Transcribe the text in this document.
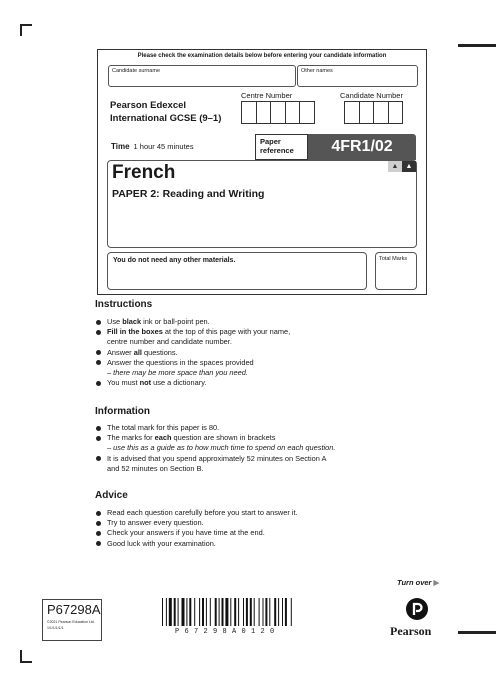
Please check the examination details below before entering your candidate information
Candidate surname	Other names
Pearson Edexcel
International GCSE (9–1)
Centre Number	Candidate Number
Time 1 hour 45 minutes
Paper
reference	4FR1/02
French
PAPER 2: Reading and Writing
▲	▲
You do not need any other materials.	Total Marks
Instructions
Use black ink or ball-point pen.
Fill in the boxes at the top of this page with your name,
centre number and candidate number.
Answer all questions.
Answer the questions in the spaces provided
– there may be more space than you need.
You must not use a dictionary.
Information
The total mark for this paper is 80.
The marks for each question are shown in brackets
– use this as a guide as to how much time to spend on each question.
It is advised that you spend approximately 52 minutes on Section A
and 52 minutes on Section B.
Advice
Read each question carefully before you start to answer it.
Try to answer every question.
Check your answers if you have time at the end.
Good luck with your examination.
Turn over ▶
P67298A
©2021 Pearson Education Ltd.
1/1/1/1/1/1	P67298A0120	Pearson
